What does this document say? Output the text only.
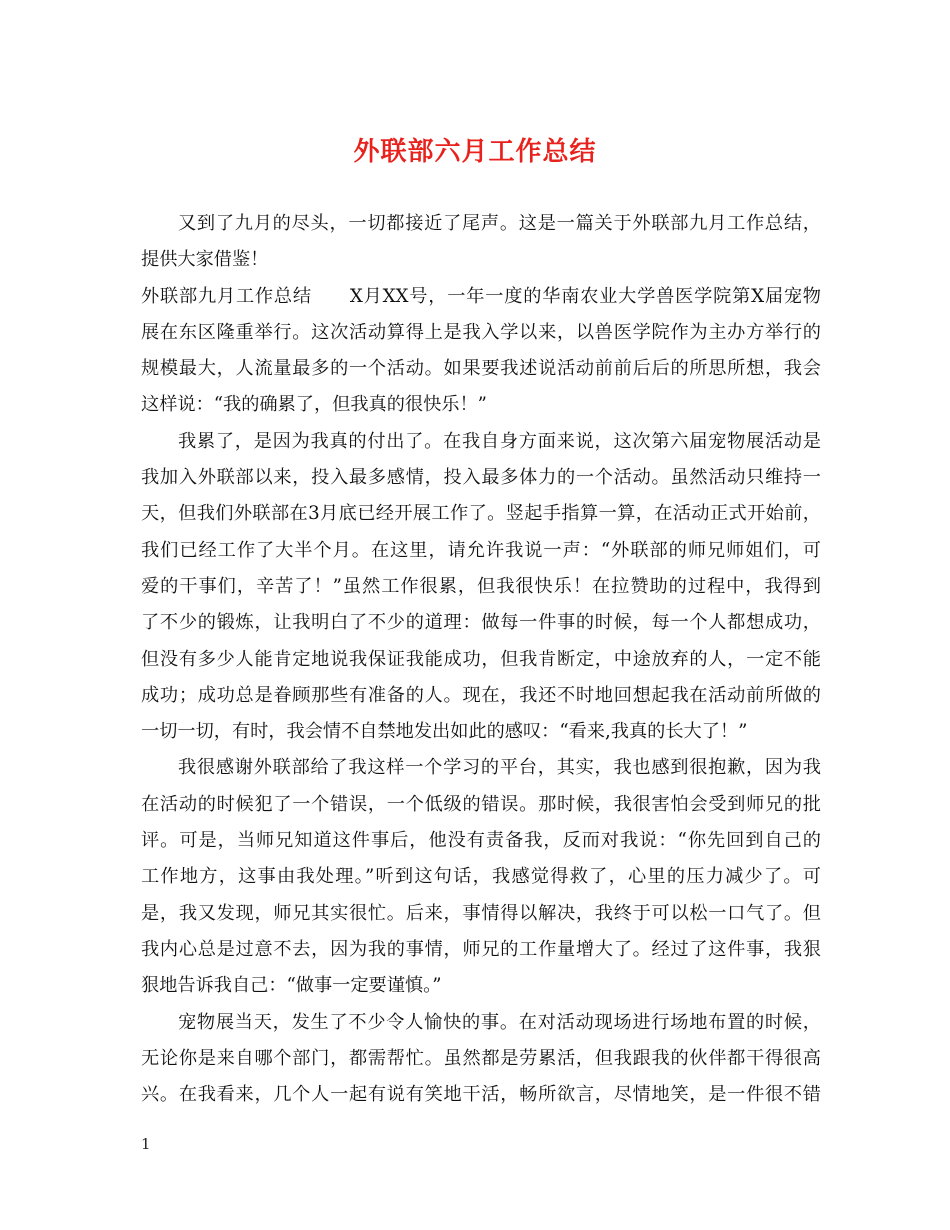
外联部六月工作总结
又到了九月的尽头，一切都接近了尾声。这是一篇关于外联部九月工作总结，
提供大家借鉴！
外联部九月工作总结　　X月XX号，一年一度的华南农业大学兽医学院第X届宠物
展在东区隆重举行。这次活动算得上是我入学以来，以兽医学院作为主办方举行的
规模最大，人流量最多的一个活动。如果要我述说活动前前后后的所思所想，我会
这样说：“我的确累了，但我真的很快乐！”
我累了，是因为我真的付出了。在我自身方面来说，这次第六届宠物展活动是
我加入外联部以来，投入最多感情，投入最多体力的一个活动。虽然活动只维持一
天，但我们外联部在3月底已经开展工作了。竖起手指算一算，在活动正式开始前，
我们已经工作了大半个月。在这里，请允许我说一声：“外联部的师兄师姐们，可
爱的干事们，辛苦了！”虽然工作很累，但我很快乐！在拉赞助的过程中，我得到
了不少的锻炼，让我明白了不少的道理：做每一件事的时候，每一个人都想成功，
但没有多少人能肯定地说我保证我能成功，但我肯断定，中途放弃的人，一定不能
成功；成功总是眷顾那些有准备的人。现在，我还不时地回想起我在活动前所做的
一切一切，有时，我会情不自禁地发出如此的感叹：“看来,我真的长大了！”
我很感谢外联部给了我这样一个学习的平台，其实，我也感到很抱歉，因为我
在活动的时候犯了一个错误，一个低级的错误。那时候，我很害怕会受到师兄的批
评。可是，当师兄知道这件事后，他没有责备我，反而对我说：“你先回到自己的
工作地方，这事由我处理。”听到这句话，我感觉得救了，心里的压力减少了。可
是，我又发现，师兄其实很忙。后来，事情得以解决，我终于可以松一口气了。但
我内心总是过意不去，因为我的事情，师兄的工作量增大了。经过了这件事，我狠
狠地告诉我自己：“做事一定要谨慎。”
宠物展当天，发生了不少令人愉快的事。在对活动现场进行场地布置的时候，
无论你是来自哪个部门，都需帮忙。虽然都是劳累活，但我跟我的伙伴都干得很高
兴。在我看来，几个人一起有说有笑地干活，畅所欲言，尽情地笑，是一件很不错
1
